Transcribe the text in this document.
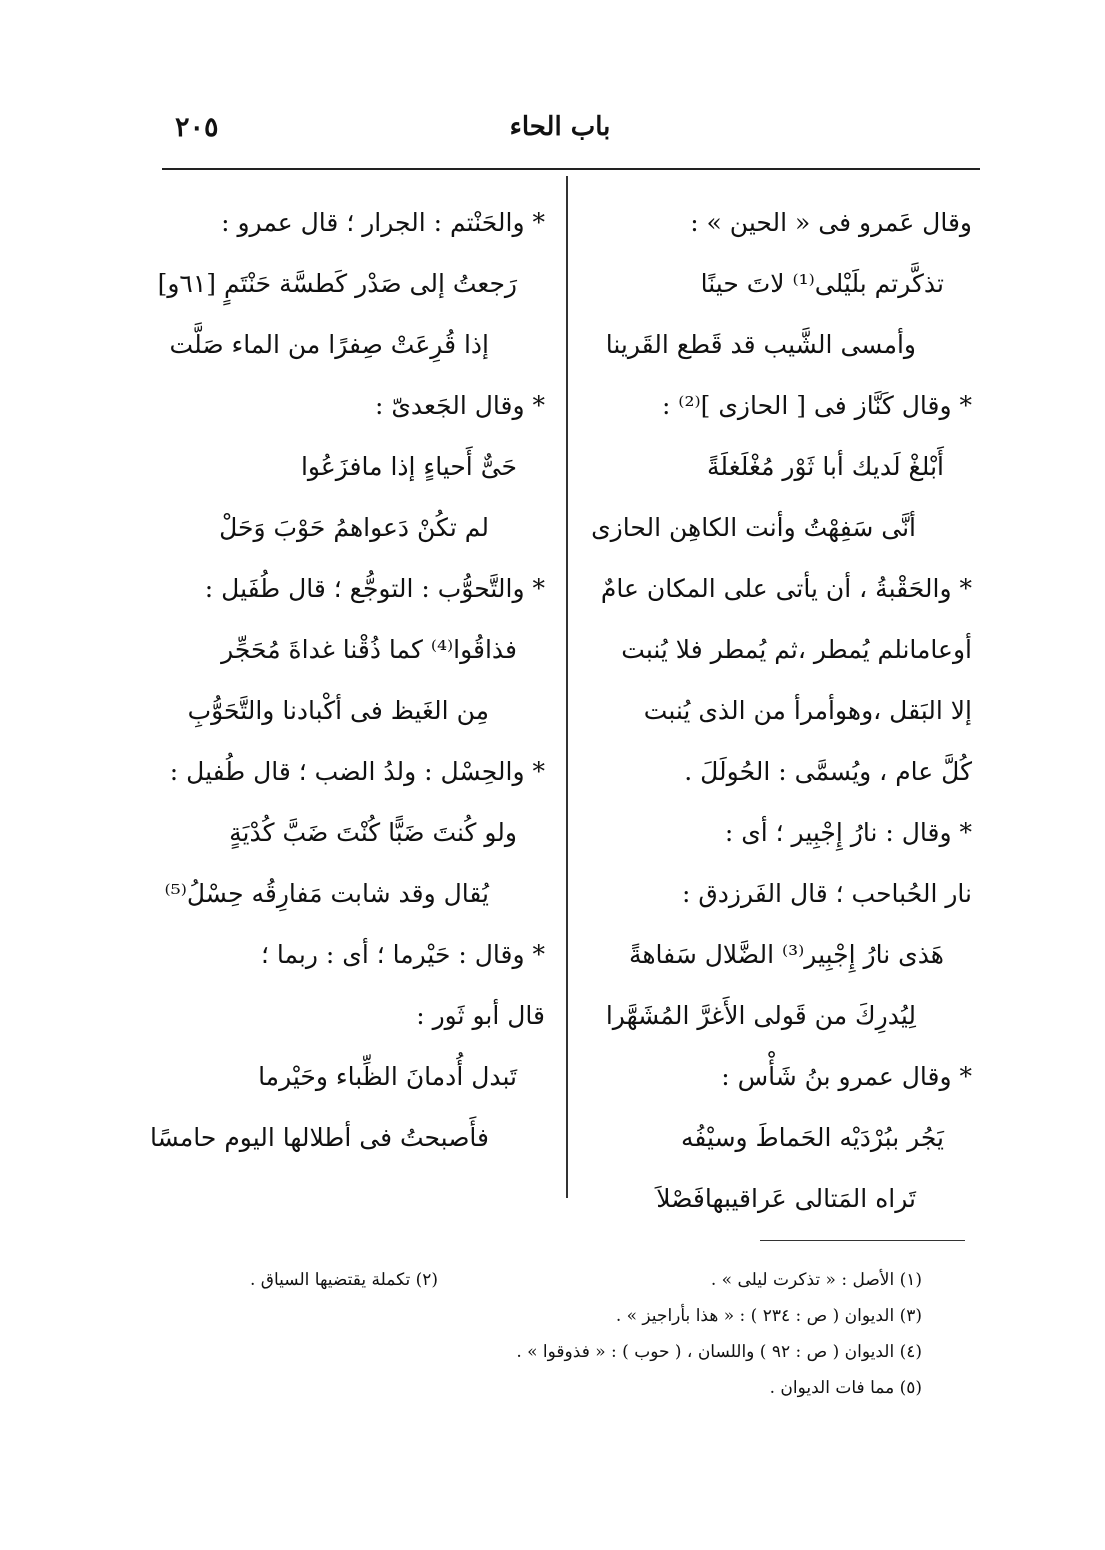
٢٠٥	باب الحاء
وقال عَمرو فى « الحين » :
تذكَّرتم بلَيْلى⁽¹⁾ لاتَ حينًا
وأمسى الشَّيب قد قَطع القَرينا
* وقال كَنَّاز فى [ الحازى ]⁽²⁾ :
أَبْلغْ لَديك أبا ثَوْر مُغْلَغلَةً
أنَّى سَفِهْتُ وأنت الكاهِن الحازى
* والحَقْبةُ ، أن يأتى على المكان عامٌ
أوعامانلم يُمطر ،ثم يُمطر فلا يُنبت
إلا البَقل ،وهوأمرأ من الذى يُنبت
كُلَّ عام ، ويُسمَّى : الحُولَلَ .
* وقال : نارُ إِجْبِير ؛ أى :
نار الحُباحب ؛ قال الفَرزدق :
هَذى نارُ إِجْبِير⁽³⁾ الضَّلال سَفاهةً
لِيُدرِكَ من قَولى الأَغرَّ المُشَهَّرا
* وقال عمرو بنُ شَأْس :
يَجُر ببُرْدَيْه الحَماطَ وسيْفُه
تَراه المَتالى عَراقيبهافَصْلاَ
* والحَنْتم : الجرار ؛ قال عمرو :
رَجعتُ إلى صَدْر كَطسَّة حَنْتَمٍ [٦١و]
إذا قُرِعَتْ صِفرًا من الماء صَلَّت
* وقال الجَعدىّ :
حَىٌّ أَحياءٍ إذا مافزَعُوا
لم تكُنْ دَعواهمُ حَوْبَ وَحَلْ
* والتَّحوُّب : التوجُّع ؛ قال طُفَيل :
فذاقُوا⁽⁴⁾ كما ذُقْنا غداةَ مُحَجِّر
مِن الغَيظ فى أكْبادنا والتَّحَوُّبِ
* والحِسْل : ولدُ الضب ؛ قال طُفيل :
ولو كُنتَ ضَبًّا كُنْتَ ضَبَّ كُدْيَةٍ
يُقال وقد شابت مَفارِقُه حِسْلُ⁽⁵⁾
* وقال : حَيْرما ؛ أى : ربما ؛
قال أبو ثَور :
تَبدل أُدمانَ الظِّباء وحَيْرما
فأَصبحتُ فى أطلالها اليوم حامسًا
(١) الأصل : « تذكرت ليلى » .
(٢) تكملة يقتضيها السياق .
(٣) الديوان ( ص : ٢٣٤ ) : « هذا بأراجيز » .
(٤) الديوان ( ص : ٩٢ ) واللسان ، ( حوب ) : « فذوقوا » .
(٥) مما فات الديوان .
